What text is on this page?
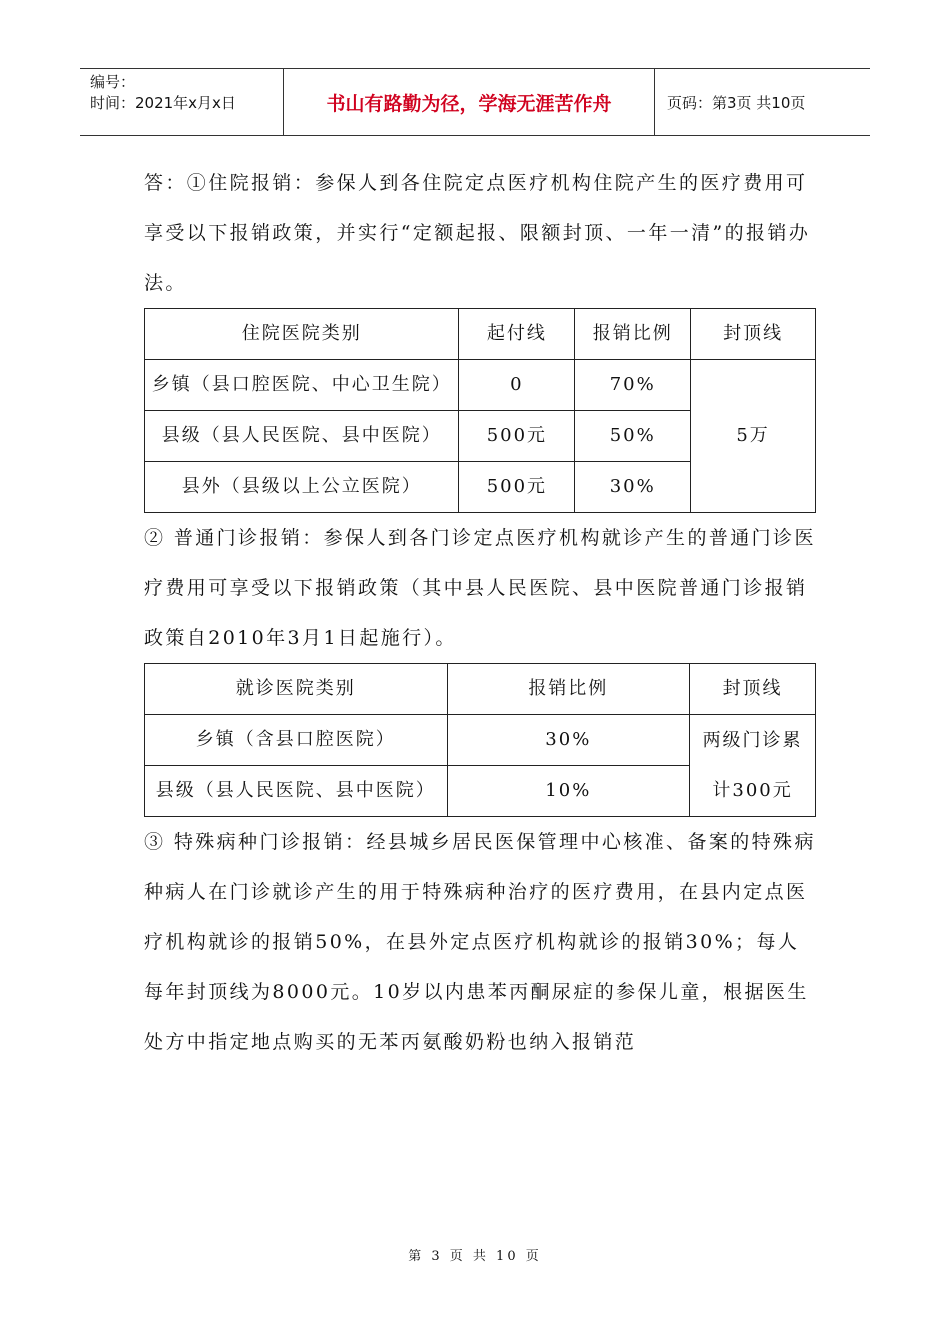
编号：
时间：2021年x月x日	书山有路勤为径，学海无涯苦作舟	页码：第3页 共10页

答：①住院报销：参保人到各住院定点医疗机构住院产生的医疗费用可享受以下报销政策，并实行“定额起报、限额封顶、一年一清”的报销办法。

住院医院类别	起付线	报销比例	封顶线
乡镇（县口腔医院、中心卫生院）	0	70%	5万
县级（县人民医院、县中医院）	500元	50%	
县外（县级以上公立医院）	500元	30%	

② 普通门诊报销：参保人到各门诊定点医疗机构就诊产生的普通门诊医疗费用可享受以下报销政策（其中县人民医院、县中医院普通门诊报销政策自2010年3月1日起施行）。

就诊医院类别	报销比例	封顶线
乡镇（含县口腔医院）	30%	两级门诊累计300元
县级（县人民医院、县中医院）	10%	

③ 特殊病种门诊报销：经县城乡居民医保管理中心核准、备案的特殊病种病人在门诊就诊产生的用于特殊病种治疗的医疗费用，在县内定点医疗机构就诊的报销50%，在县外定点医疗机构就诊的报销30%；每人每年封顶线为8000元。10岁以内患苯丙酮尿症的参保儿童，根据医生处方中指定地点购买的无苯丙氨酸奶粉也纳入报销范

第 3 页 共 10 页
